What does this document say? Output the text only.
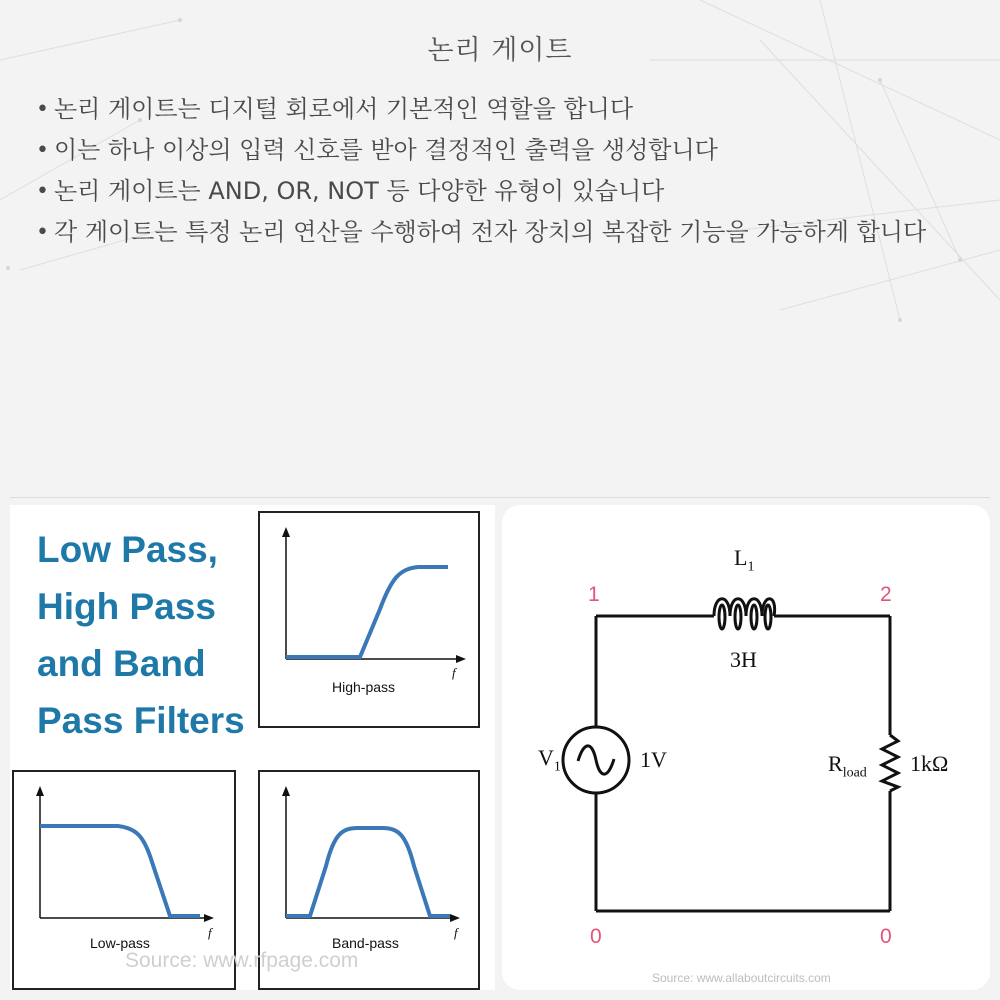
논리 게이트
• 논리 게이트는 디지털 회로에서 기본적인 역할을 합니다
• 이는 하나 이상의 입력 신호를 받아 결정적인 출력을 생성합니다
• 논리 게이트는 AND, OR, NOT 등 다양한 유형이 있습니다
• 각 게이트는 특정 논리 연산을 수행하여 전자 장치의 복잡한 기능을 가능하게 합니다
Low Pass,
High Pass
and Band
Pass Filters
High-pass
f
Low-pass
f
Band-pass
f
Source: www.rfpage.com
$L_1$
3H
$V_1$	1V	$R_{load}$ 1kΩ
1	2
0	0
Source: www.allaboutcircuits.com
